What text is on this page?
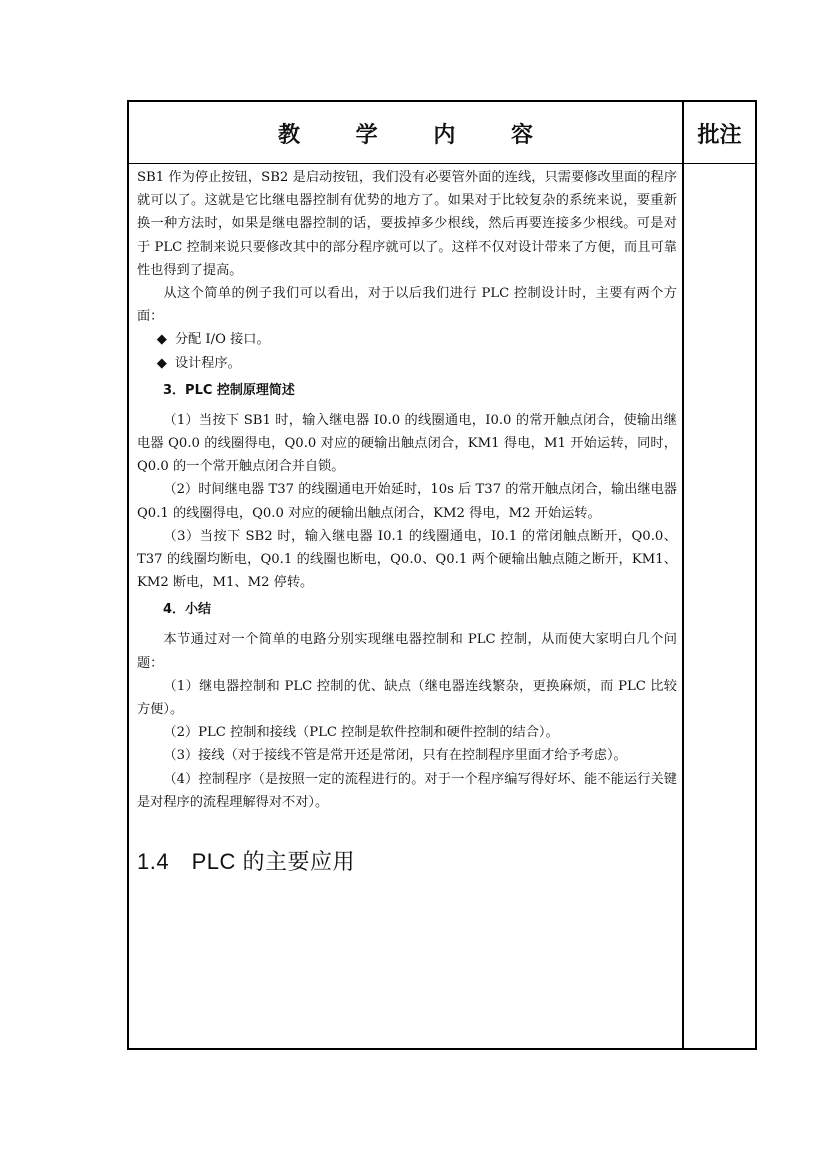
教 学 内 容	批注

SB1 作为停止按钮，SB2 是启动按钮，我们没有必要管外面的连线，只需要修改里面的程序就可以了。这就是它比继电器控制有优势的地方了。如果对于比较复杂的系统来说，要重新换一种方法时，如果是继电器控制的话，要拔掉多少根线，然后再要连接多少根线。可是对于 PLC 控制来说只要修改其中的部分程序就可以了。这样不仅对设计带来了方便，而且可靠性也得到了提高。

从这个简单的例子我们可以看出，对于以后我们进行 PLC 控制设计时，主要有两个方面：

◆ 分配 I/O 接口。

◆ 设计程序。

3．PLC 控制原理简述

（1）当按下 SB1 时，输入继电器 I0.0 的线圈通电，I0.0 的常开触点闭合，使输出继电器 Q0.0 的线圈得电，Q0.0 对应的硬输出触点闭合，KM1 得电，M1 开始运转，同时，Q0.0 的一个常开触点闭合并自锁。

（2）时间继电器 T37 的线圈通电开始延时，10s 后 T37 的常开触点闭合，输出继电器 Q0.1 的线圈得电，Q0.0 对应的硬输出触点闭合，KM2 得电，M2 开始运转。

（3）当按下 SB2 时，输入继电器 I0.1 的线圈通电，I0.1 的常闭触点断开，Q0.0、T37 的线圈均断电，Q0.1 的线圈也断电，Q0.0、Q0.1 两个硬输出触点随之断开，KM1、KM2 断电，M1、M2 停转。

4．小结

本节通过对一个简单的电路分别实现继电器控制和 PLC 控制，从而使大家明白几个问题：

（1）继电器控制和 PLC 控制的优、缺点（继电器连线繁杂，更换麻烦，而 PLC 比较方便）。

（2）PLC 控制和接线（PLC 控制是软件控制和硬件控制的结合）。

（3）接线（对于接线不管是常开还是常闭，只有在控制程序里面才给予考虑）。

（4）控制程序（是按照一定的流程进行的。对于一个程序编写得好坏、能不能运行关键是对程序的流程理解得对不对）。

1.4　PLC 的主要应用
